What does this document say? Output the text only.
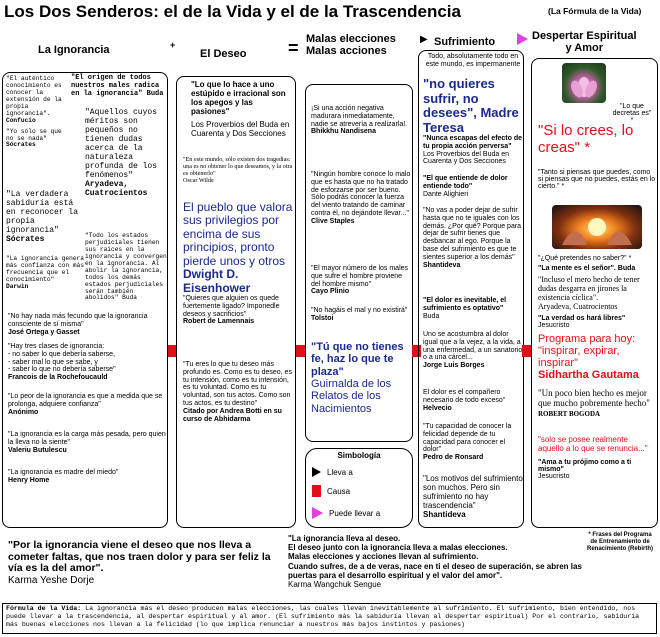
Los Dos Senderos: el de la Vida y el de la Trascendencia	(La Fórmula de la Vida)
La Ignorancia	+
El Deseo = Malas elecciones
Malas acciones
▶ Sufrimiento	Despertar Espiritual
y Amor

"El auténtico conocimiento es conocer la extensión de la propia ignorancia". Confucio

"Yo sólo se que no se nada"
Sócrates

"El origen de todos nuestros males radica en la ignorancia" Buda

"Aquellos cuyos méritos son pequeños no tienen dudas acerca de la naturaleza profunda de los fenómenos"
Aryadeva, Cuatrocientos

"La verdadera sabiduría está en reconocer la propia ignorancia"
Sócrates	"Todo los estados perjudiciales tienen sus raíces en la ignorancia y convergen en la ignorancia. Al abolir la ignorancia, todos los demás estados perjudiciales serán también abolidos" Buda

"La ignorancia genera más confianza con más frecuencia que el conocimiento"
Darwin

"No hay nada más fecundo que la ignorancia consciente de sí misma"
José Ortega y Gasset

"Hay tres clases de ignorancia:
- no saber lo que debería saberse,
- saber mal lo que se sabe, y
- saber lo que no debería saberse"
Francois de la Rochefoucauld

"Lo peor de la ignorancia es que a medida que se prolonga, adquiere confianza"
Anónimo

"La ignorancia es la carga más pesada, pero quien la lleva no la siente"
Valeriu Butulescu

"La ignorancia es madre del miedo"
Henry Home

"Lo que lo hace a uno estúpido e irracional son los apegos y las pasiones"

Los Proverbios del Buda en Cuarenta y Dos Secciones

"En este mundo, sólo existen dos tragedias: una es no obtener lo que deseamos, y la otra es obtenerlo"
Oscar Wilde

El pueblo que valora sus privilegios por encima de sus principios, pronto pierde unos y otros
Dwight D. Eisenhower

"Quieres que alguien os quede fuertemente ligado? Imponedle deseos y sacrificios"
Robert de Lamennais

"Tu eres lo que tu deseo más profundo es. Como es tu deseo, es tu intensión, como es tu intensión, es tu voluntad. Como es tu voluntad, son tus actos. Como son tus actos, es tu destino"
Citado por Andrea Botti en su curso de Abhidarma

¡Si una acción negativa madurara inmediatamente, nadie se atrevería a realizarla!.
Bhikkhu Nandisena

"Ningún hombre conoce lo malo que es hasta que no ha tratado de esforzarse por ser bueno. Sólo podrás conocer la fuerza del viento tratando de caminar contra él, no dejándote llevar..."
Clive Staples

"El mayor número de los males que sufre el hombre proviene del hombre mismo"
Cayo Plinio

"No hagáis el mal y no existirá"
Tolstoi

"Tú que no tienes fe, haz lo que te plaza"
Guirnalda de los Relatos de los Nacimientos

Simbología
Lleva a
Causa
Puede llevar a

Todo, absolutamente todo en este mundo, es impermanente

"no quieres sufrir, no desees", Madre Teresa

"Nunca escapas del efecto de tu propia acción perversa"
Los Proverbios del Buda en Cuarenta y Dos Secciones

"El que entiende de dolor entiende todo"
Dante Alighieri

"No vas a poder dejar de sufrir hasta que no te iguales con los demás. ¿Por qué? Porque para dejar de sufrir tienes que desbancar al ego. Porque la base del sufrimiento es que te sientes superior a los demás"
Shantideva

"El dolor es inevitable, el sufrimiento es optativo"
Buda

Uno se acostumbra al dolor igual que a la vejez, a la vida, a una enfermedad, a un sanatorio o a una cárcel...
Jorge Luis Borges

El dolor es el compañero necesario de todo exceso"
Helvecio

"Tu capacidad de conocer la felicidad depende de tu capacidad para conocer el dolor"
Pedro de Ronsard

"Los motivos del sufrimiento son muchos. Pero sin sufrimiento no hay trascendencia"
Shantideva

"Lo que decretas es" *
"Si lo crees, lo creas" *
"Tanto si piensas que puedes, como si piensas que no puedes, estás en lo cierto." *
"¿Qué pretendes no saber?" *
"La mente es el señor". Buda
"Incluso el mero hecho de tener dudas desgarra en jirones la existencia cíclica".
Aryadeva, Cuatrocientos
"La verdad os hará libres"
Jesucristo
Programa para hoy: "inspirar, expirar, inspirar"
Sidhartha Gautama
"Un poco bien hecho es mejor que mucho pobremente hecho"
ROBERT BOGODA
"solo se posee realmente aquello a lo que se renuncia..."
"Ama a tu prójimo como a ti mismo"
Jesucristo
"Por la ignorancia viene el deseo que nos lleva a cometer faltas, que nos traen dolor y para ser feliz la vía es la del amor".
Karma Yeshe Dorje
"La ignorancia lleva al deseo.
El deseo junto con la ignorancia lleva a malas elecciones.
Malas elecciones y acciones llevan al sufrimiento.
Cuando sufres, de a de veras, nace en ti el deseo de superación, se abren las puertas para el desarrollo espiritual y el valor del amor".
Karma Wangchuk Sengue
* Frases del Programa de Entrenamiento de Renacimiento (Rebirth)
Fórmula de la Vida: La ignorancia más el deseo producen malas elecciones, las cuales llevan inevitablemente al sufrimiento. El sufrimiento, bien entendido, nos puede llevar a la trascendencia, al despertar espiritual y al amor. (El sufrimiento más la sabiduría llevan al despertar espiritual) Por el contrario, sabiduría más buenas elecciones nos llevan a la felicidad (lo que implica renunciar a nuestros más bajos instintos y pasiones)
